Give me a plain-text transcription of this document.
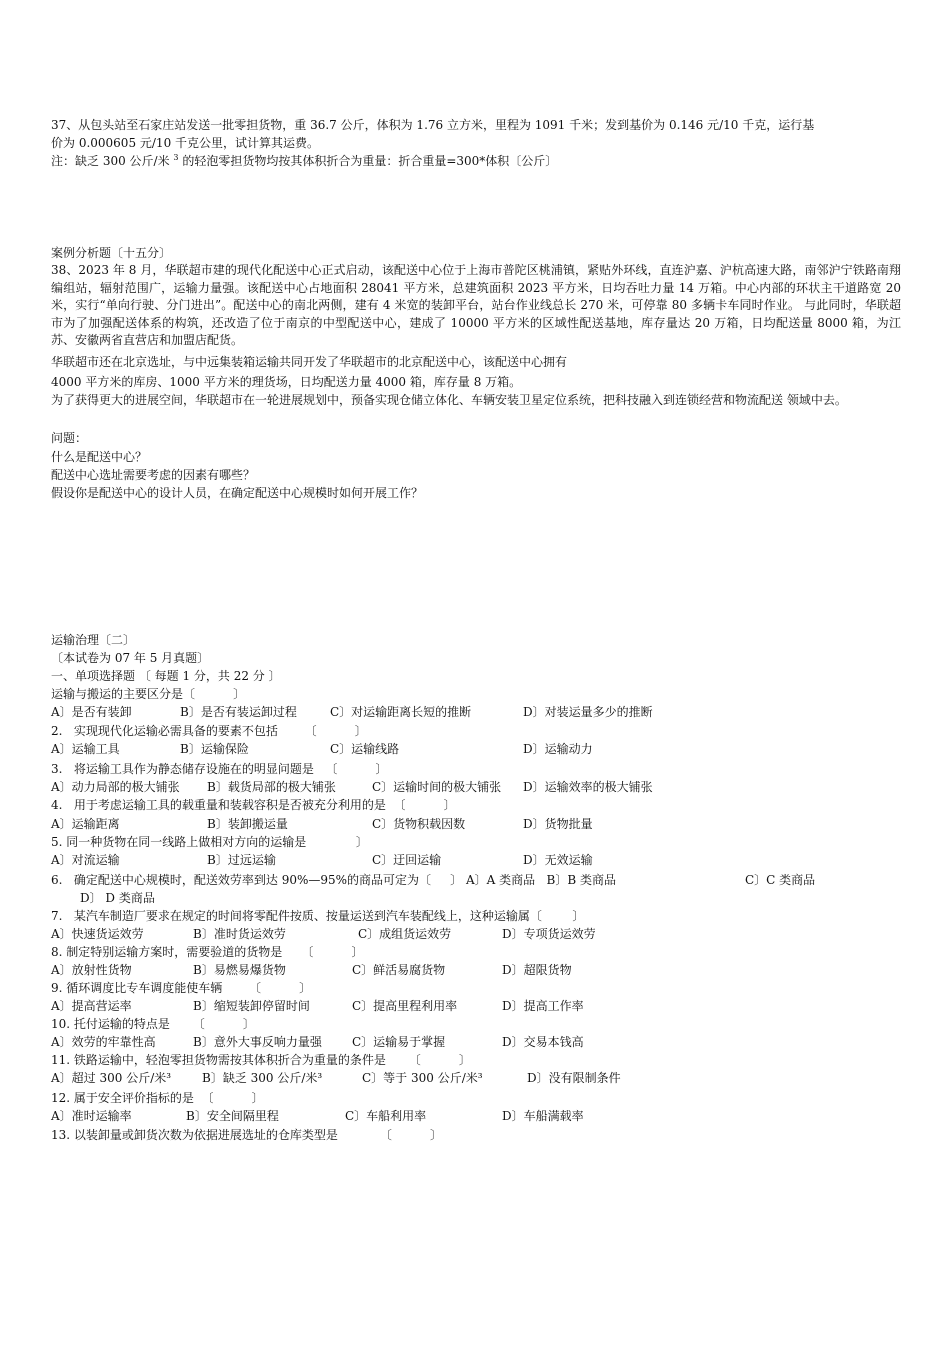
37、从包头站至石家庄站发送一批零担货物，重 36.7 公斤，体积为 1.76 立方米，里程为 1091 千米；发到基价为 0.146 元/10 千克，运行基
价为 0.000605 元/10 千克公里，试计算其运费。
注：缺乏 300 公斤/米 $^3$ 的轻泡零担货物均按其体积折合为重量：折合重量=300*体积〔公斤〕
案例分析题〔十五分〕
38、2023 年 8 月，华联超市建的现代化配送中心正式启动，该配送中心位于上海市普陀区桃浦镇，紧贴外环线，直连沪嘉、沪杭高速大路，南邻沪宁铁路南翔编组站，辐射范围广，运输力量强。该配送中心占地面积 28041 平方米，总建筑面积 2023 平方米，日均吞吐力量 14 万箱。中心内部的环状主干道路宽 20 米，实行“单向行驶、分门进出”。配送中心的南北两侧，建有 4 米宽的装卸平台，站台作业线总长 270 米，可停靠 80 多辆卡车同时作业。 与此同时，华联超市为了加强配送体系的构筑，还改造了位于南京的中型配送中心，建成了 10000 平方米的区域性配送基地，库存量达 20 万箱，日均配送量 8000 箱，为江苏、安徽两省直营店和加盟店配货。
华联超市还在北京选址，与中远集装箱运输共同开发了华联超市的北京配送中心，该配送中心拥有
4000 平方米的库房、1000 平方米的理货场，日均配送力量 4000 箱，库存量 8 万箱。
为了获得更大的进展空间，华联超市在一轮进展规划中，预备实现仓储立体化、车辆安装卫星定位系统，把科技融入到连锁经营和物流配送 领域中去。
问题：
什么是配送中心？
配送中心选址需要考虑的因素有哪些？
假设你是配送中心的设计人员，在确定配送中心规模时如何开展工作？
运输治理〔二〕
〔本试卷为 07 年 5 月真题〕
一、单项选择题 〔 每题 1 分，共 22 分 〕
运输与搬运的主要区分是〔          〕
A〕是否有装卸	B〕是否有装运卸过程	C〕对运输距离长短的推断	D〕对装运量多少的推断
2.   实现现代化运输必需具备的要素不包括       〔          〕
A〕运输工具	B〕运输保险	C〕运输线路	D〕运输动力
3.   将运输工具作为静态储存设施在的明显问题是   〔          〕
A〕动力局部的极大铺张 B〕载货局部的极大铺张	C〕运输时间的极大铺张 D〕运输效率的极大铺张
4.   用于考虑运输工具的载重量和装载容积是否被充分利用的是  〔          〕
A〕运输距离	B〕装卸搬运量	C〕货物积载因数	D〕货物批量
5. 同一种货物在同一线路上做相对方向的运输是             〕
A〕对流运输	B〕过远运输	C〕迂回运输	D〕无效运输
6.   确定配送中心规模时，配送效劳率到达 90%—95%的商品可定为〔     〕 A〕A 类商品   B〕B 类商品	C〕C 类商品
D〕 D 类商品
7.   某汽车制造厂要求在规定的时间将零配件按质、按量运送到汽车装配线上，这种运输属〔        〕
A〕快速货运效劳	B〕准时货运效劳	C〕成组货运效劳	D〕专项货运效劳
8. 制定特别运输方案时，需要验道的货物是     〔          〕
A〕放射性货物	B〕易燃易爆货物	C〕鲜活易腐货物	D〕超限货物
9. 循环调度比专车调度能使车辆       〔          〕
A〕提高营运率	B〕缩短装卸停留时间	C〕提高里程利用率	D〕提高工作率
10. 托付运输的特点是      〔          〕
A〕效劳的牢靠性高	B〕意外大事反响力量强	C〕运输易于掌握	D〕交易本钱高
11. 铁路运输中，轻泡零担货物需按其体积折合为重量的条件是      〔          〕
A〕超过 300 公斤/米³	B〕缺乏 300 公斤/米³	C〕等于 300 公斤/米³	D〕没有限制条件
12. 属于安全评价指标的是  〔          〕
A〕准时运输率	B〕安全间隔里程	C〕车船利用率	D〕车船满载率
13. 以装卸量或卸货次数为依据进展选址的仓库类型是           〔          〕
